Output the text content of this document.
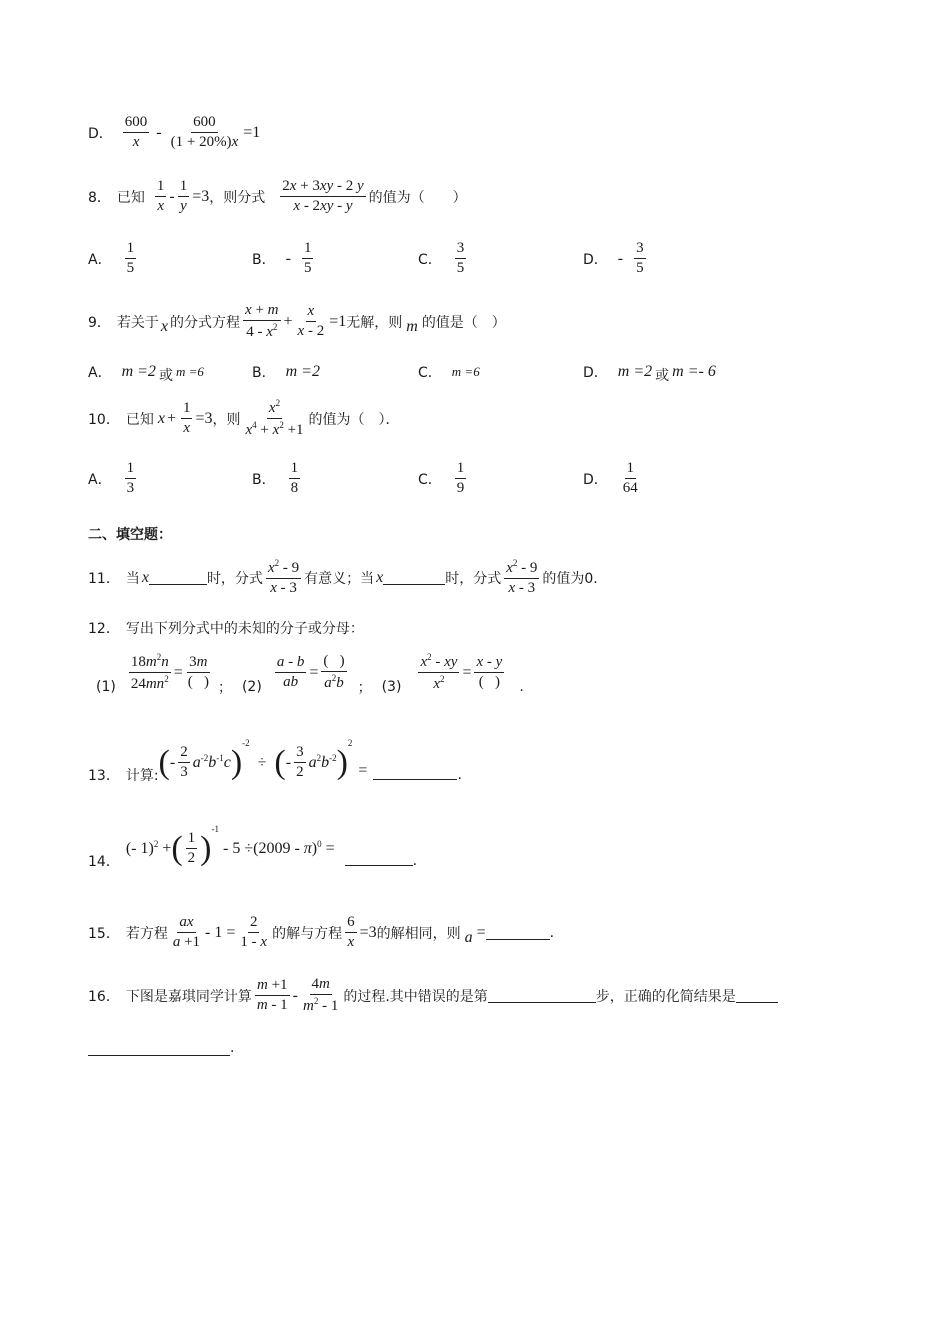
D． $\frac{600}{x} - \frac{600}{(1 + 20\%)x} =1$
8． 已知 $\frac{1}{x} - \frac{1}{y} =3$ ，则分式 $\frac{2x + 3xy - 2 y}{x - 2xy - y}$ 的值为（　　）
A． $\frac{1}{5}$	B． - $\frac{1}{5}$	C． $\frac{3}{5}$	D． - $\frac{3}{5}$
9． 若关于 x 的分式方程 $\frac{x + m}{4 - x^2} + \frac{x}{x - 2} =1$ 无解，则 m 的值是（　）
A． m =2 或 m =6	B． m =2	C． m =6	D． m =2 或 m =- 6
10． 已知 $x + \frac{1}{x} =3$ ，则 $\frac{x^2}{x^4 + x^2 +1}$ 的值为（　）．
A． $\frac{1}{3}$	B． $\frac{1}{8}$	C． $\frac{1}{9}$	D． $\frac{1}{64}$
二、填空题：
11． 当 x	时，分式 $\frac{x^2 - 9}{x - 3}$ 有意义；当 x	时，分式 $\frac{x^2 - 9}{x - 3}$ 的值为0.
12． 写出下列分式中的未知的分子或分母：
$(1) \frac{18m^2n}{24mn^2} = \frac{3m}{( )}$ ； $(2) \frac{a - b}{ab} = \frac{( )}{a^2b}$ ； $(3) \frac{x^2 - xy}{x^2} = \frac{x - y}{( )}$ .
13． 计算: ( - $\frac{2}{3} a^{-2}b^{-1}c$ )
-2
÷ ( - $\frac{3}{2} a^2b^{-2}$ )
2
=	.
14．
(- 1)$^2$ + ( $\frac{1}{2}$ )
-1
- 5 ÷(2009 - π)$^0$ =
.
15． 若方程 $\frac{ax}{a +1} - 1 = \frac{2}{1 - x}$ 的解与方程 $\frac{6}{x} =3$ 的解相同，则 a =	.
16． 下图是嘉琪同学计算 $\frac{m +1}{m - 1} - \frac{4m}{m^2 - 1}$ 的过程.其中错误的是第	步，正确的化简结果是
.
